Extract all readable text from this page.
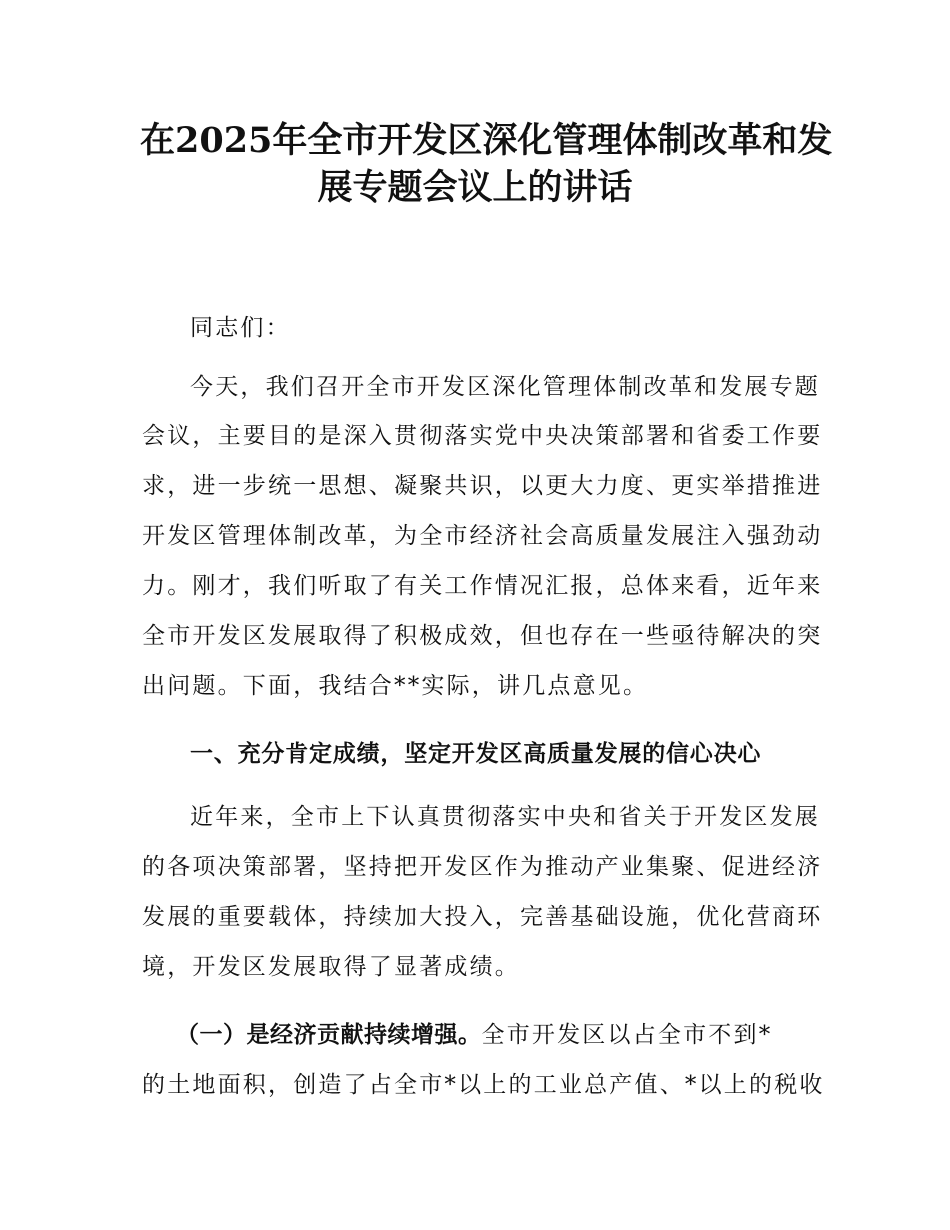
在2025年全市开发区深化管理体制改革和发
展专题会议上的讲话
同志们：
今天，我们召开全市开发区深化管理体制改革和发展专题
会议，主要目的是深入贯彻落实党中央决策部署和省委工作要
求，进一步统一思想、凝聚共识，以更大力度、更实举措推进
开发区管理体制改革，为全市经济社会高质量发展注入强劲动
力。刚才，我们听取了有关工作情况汇报，总体来看，近年来
全市开发区发展取得了积极成效，但也存在一些亟待解决的突
出问题。下面，我结合**实际，讲几点意见。
一、充分肯定成绩，坚定开发区高质量发展的信心决心
近年来，全市上下认真贯彻落实中央和省关于开发区发展
的各项决策部署，坚持把开发区作为推动产业集聚、促进经济
发展的重要载体，持续加大投入，完善基础设施，优化营商环
境，开发区发展取得了显著成绩。
（一）是经济贡献持续增强。全市开发区以占全市不到*
的土地面积，创造了占全市*以上的工业总产值、*以上的税收
